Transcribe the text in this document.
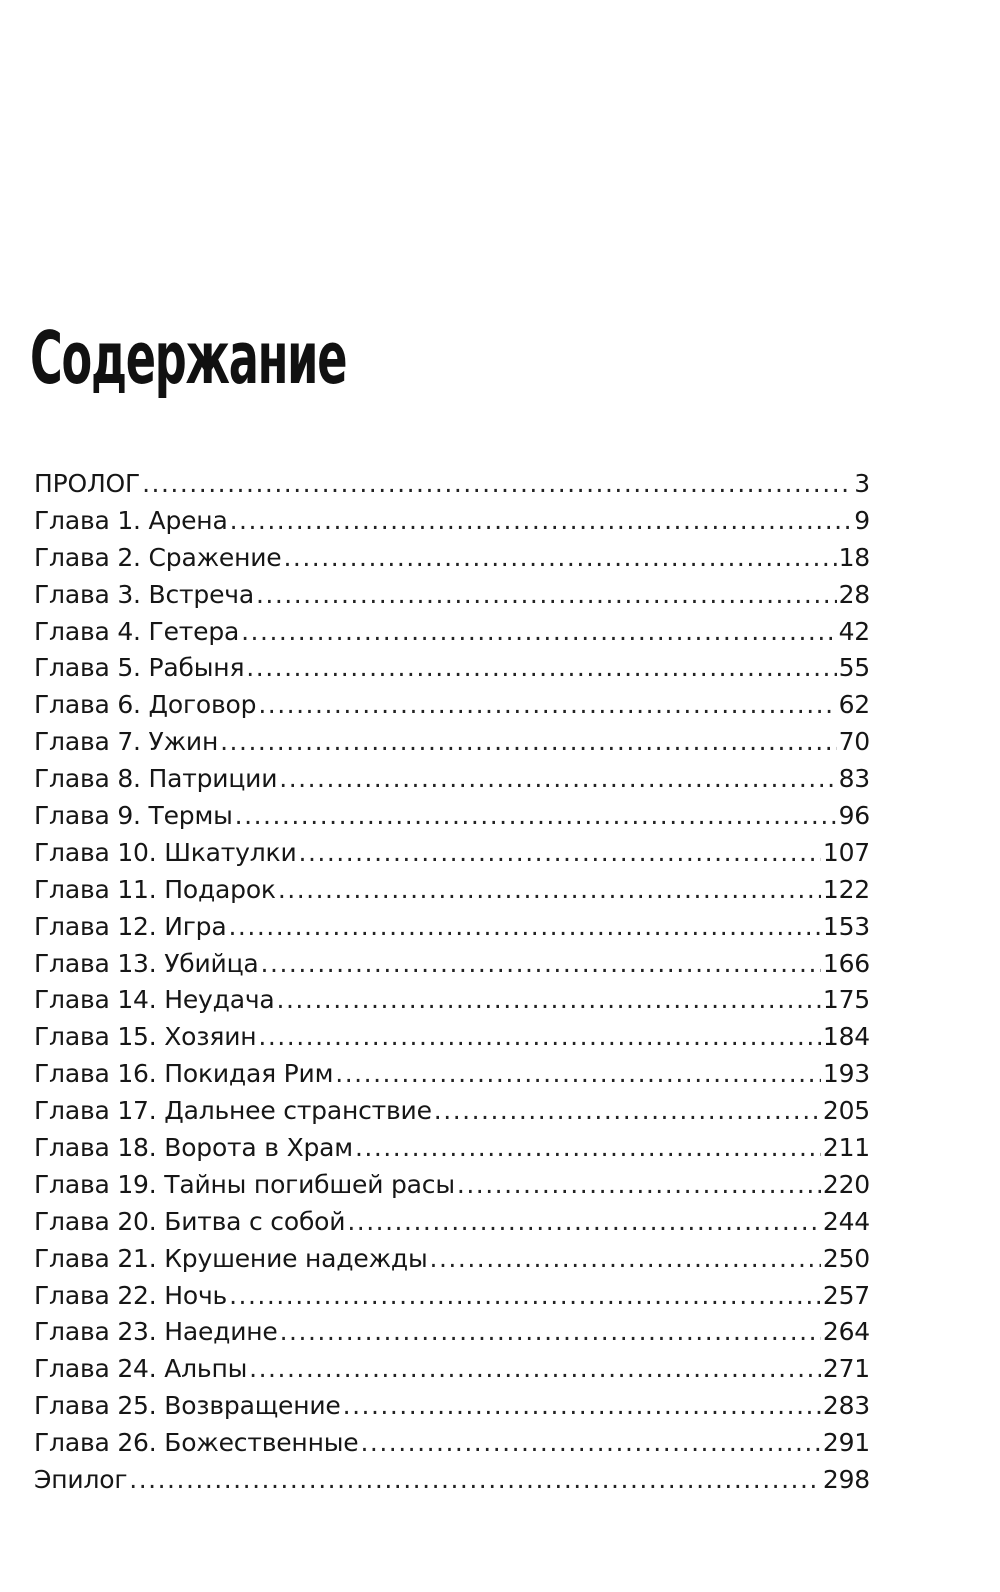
Содержание
ПРОЛОГ .....	3
Глава 1. Арена .....	9
Глава 2. Сражение .....	18
Глава 3. Встреча .....	28
Глава 4. Гетера .....	42
Глава 5. Рабыня .....	55
Глава 6. Договор .....	62
Глава 7. Ужин .....	70
Глава 8. Патриции .....	83
Глава 9. Термы .....	96
Глава 10. Шкатулки .....	107
Глава 11. Подарок .....	122
Глава 12. Игра .....	153
Глава 13. Убийца .....	166
Глава 14. Неудача .....	175
Глава 15. Хозяин .....	184
Глава 16. Покидая Рим .....	193
Глава 17. Дальнее странствие .....	205
Глава 18. Ворота в Храм .....	211
Глава 19. Тайны погибшей расы .....	220
Глава 20. Битва с собой .....	244
Глава 21. Крушение надежды .....	250
Глава 22. Ночь .....	257
Глава 23. Наедине .....	264
Глава 24. Альпы .....	271
Глава 25. Возвращение .....	283
Глава 26. Божественные .....	291
Эпилог .....	298
